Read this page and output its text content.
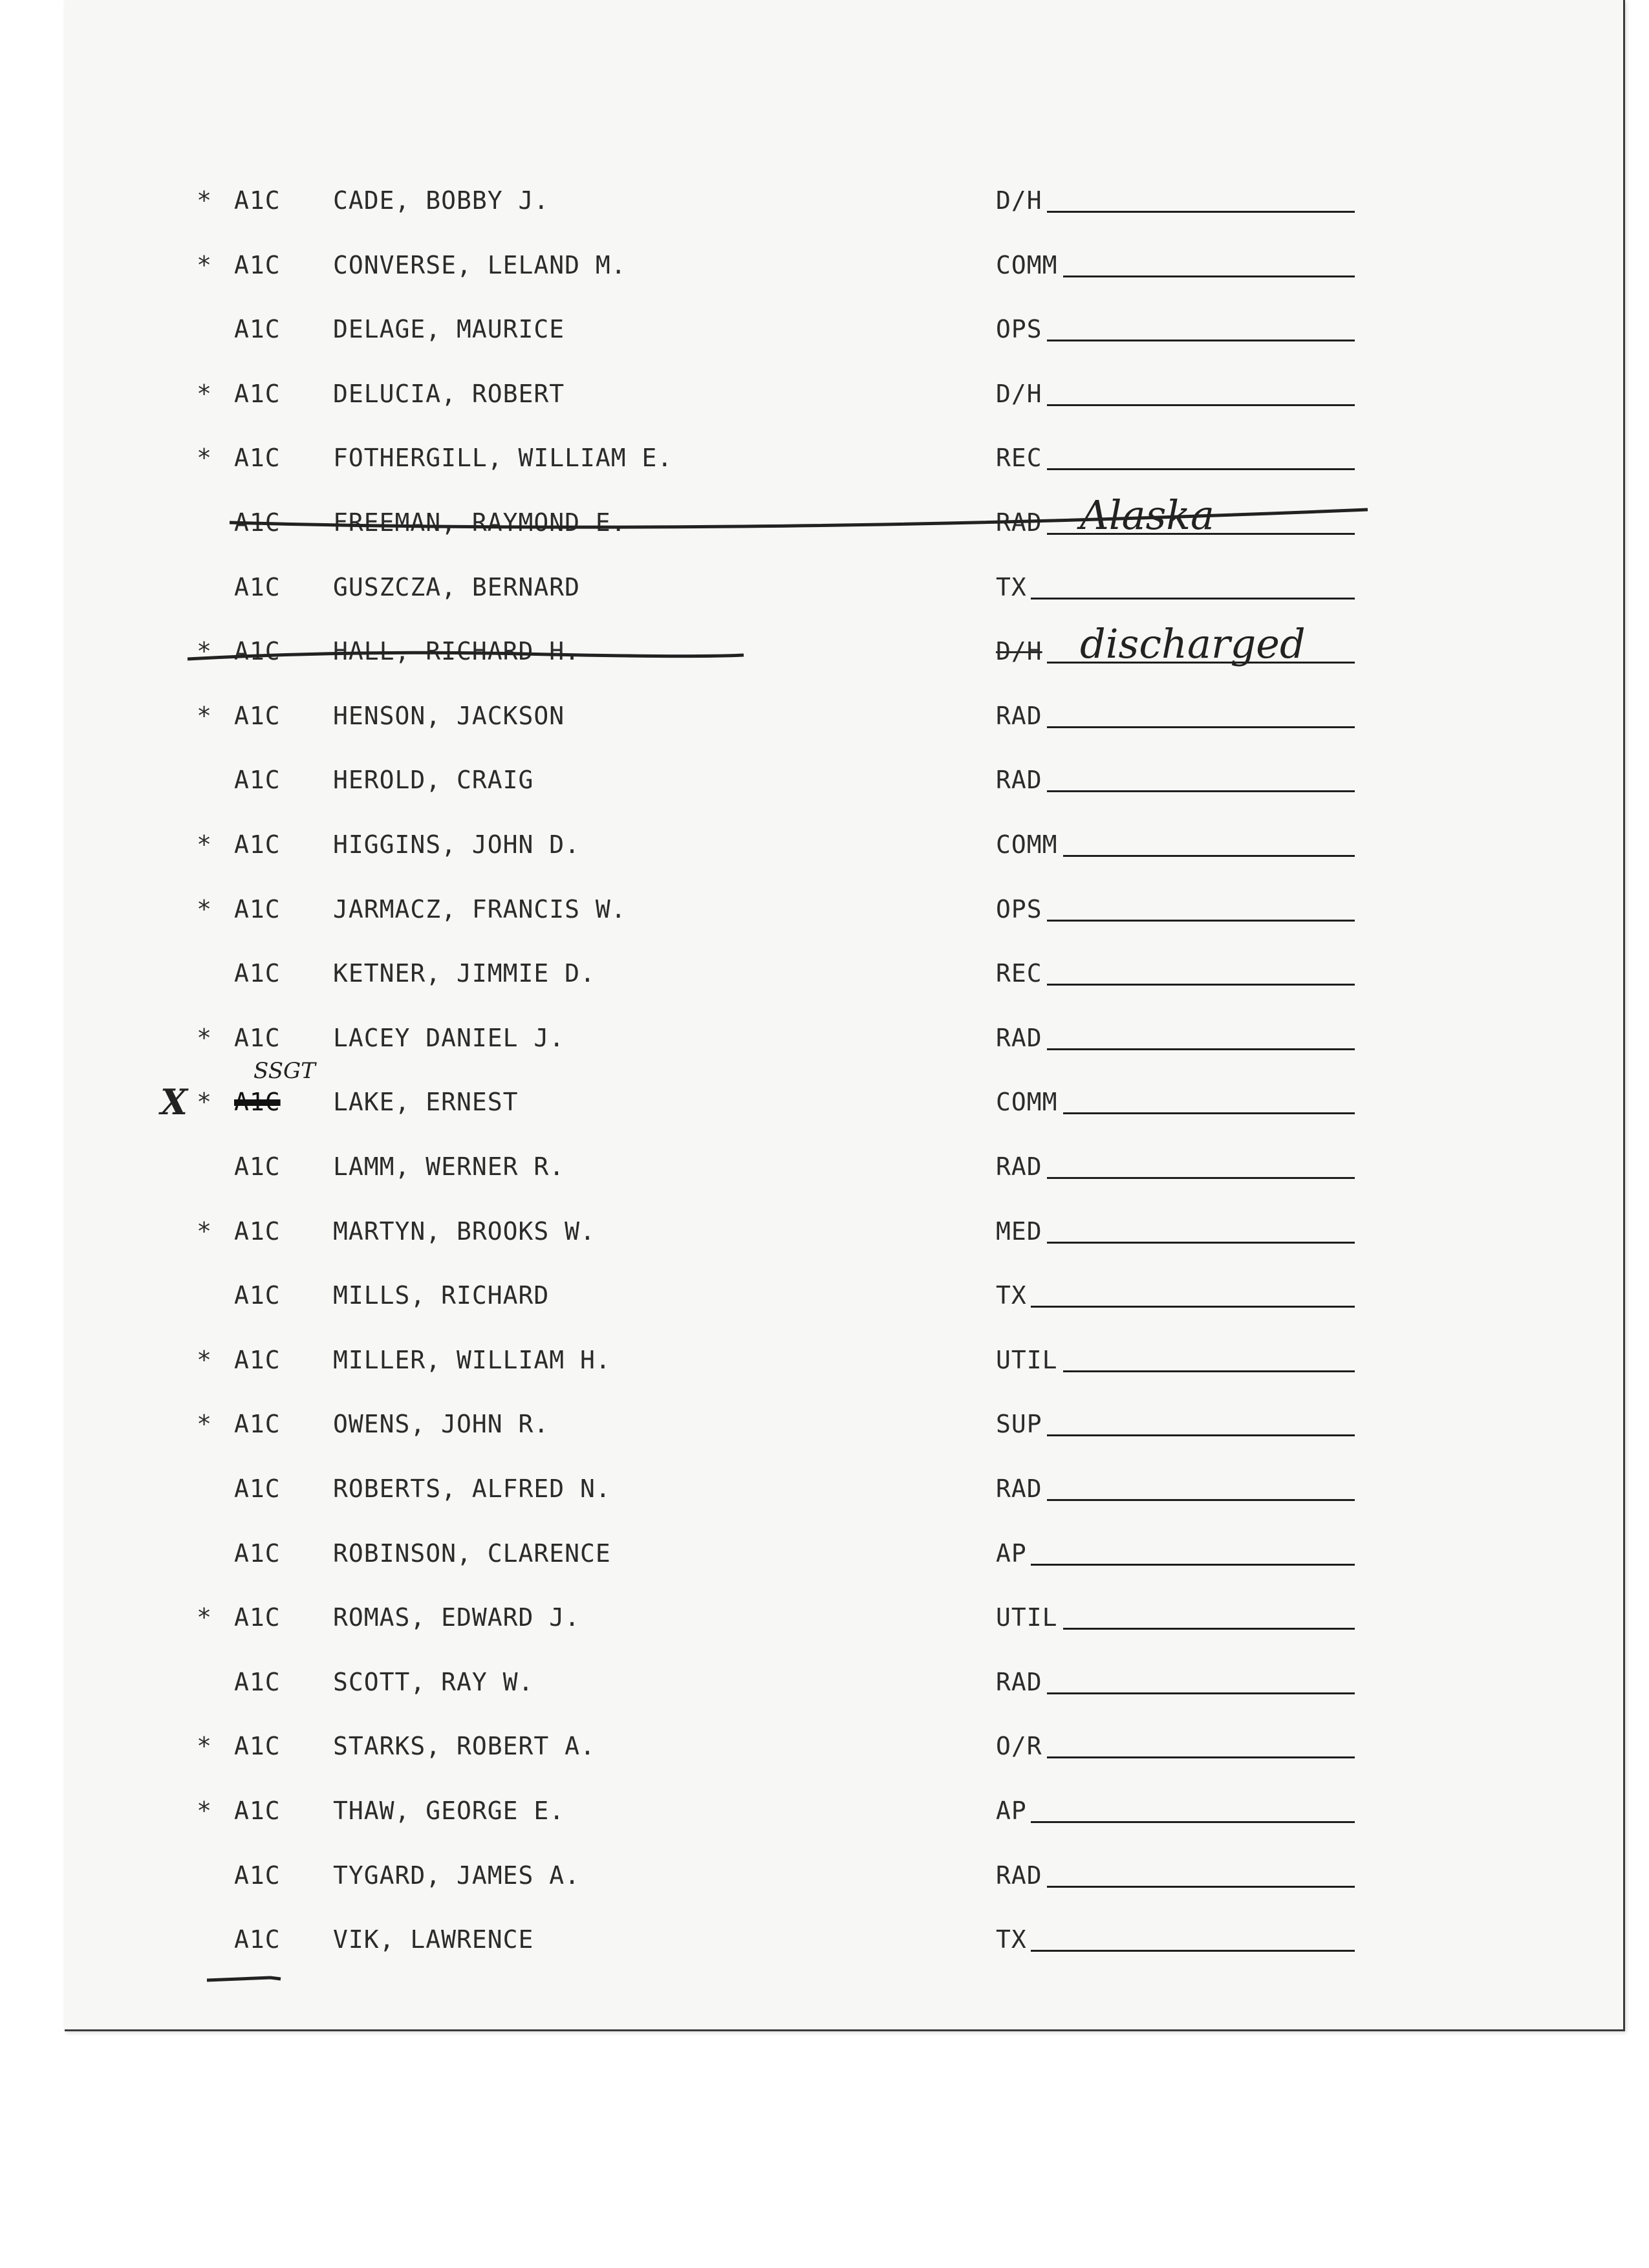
* A1C CADE, BOBBY J.	D/H
* A1C CONVERSE, LELAND M.	COMM
A1C DELAGE, MAURICE	OPS
* A1C DELUCIA, ROBERT	D/H
* A1C FOTHERGILL, WILLIAM E.	REC
A1C FREEMAN, RAYMOND E.	RAD Alaska
A1C GUSZCZA, BERNARD	TX
* A1C HALL, RICHARD H.	D/H discharged
* A1C HENSON, JACKSON	RAD
A1C HEROLD, CRAIG	RAD
* A1C HIGGINS, JOHN D.	COMM
* A1C JARMACZ, FRANCIS W.	OPS
A1C KETNER, JIMMIE D.	REC
* A1C LACEY DANIEL J.	RAD
* A1C LAKE, ERNEST	COMM
SSGT
X
A1C LAMM, WERNER R.	RAD
* A1C MARTYN, BROOKS W.	MED
A1C MILLS, RICHARD	TX
* A1C MILLER, WILLIAM H.	UTIL
* A1C OWENS, JOHN R.	SUP
A1C ROBERTS, ALFRED N.	RAD
A1C ROBINSON, CLARENCE	AP
* A1C ROMAS, EDWARD J.	UTIL
A1C SCOTT, RAY W.	RAD
* A1C STARKS, ROBERT A.	O/R
* A1C THAW, GEORGE E.	AP
A1C TYGARD, JAMES A.	RAD
A1C VIK, LAWRENCE	TX
